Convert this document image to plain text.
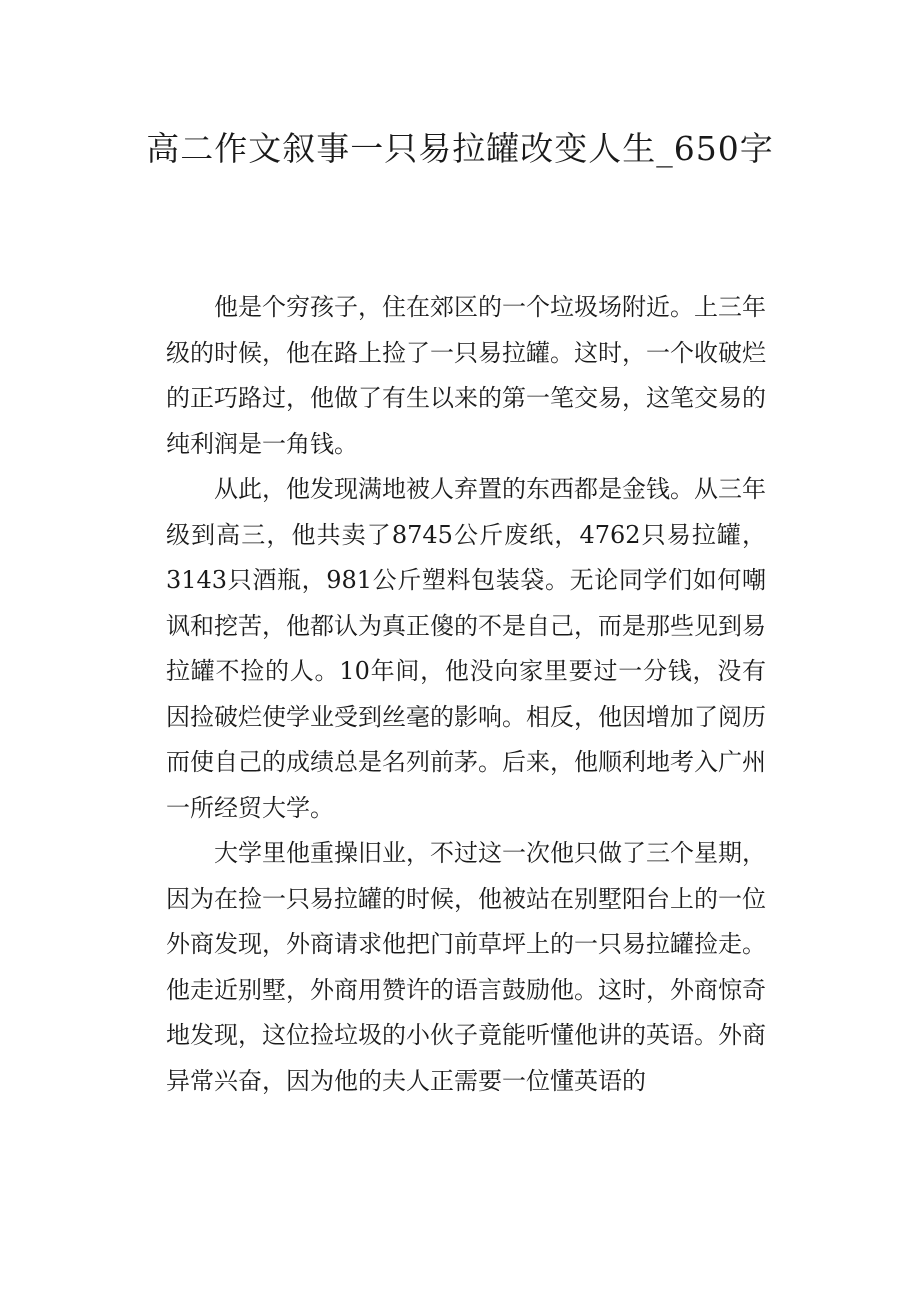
高二作文叙事一只易拉罐改变人生_650字

他是个穷孩子，住在郊区的一个垃圾场附近。上三年级的时候，他在路上捡了一只易拉罐。这时，一个收破烂的正巧路过，他做了有生以来的第一笔交易，这笔交易的纯利润是一角钱。

从此，他发现满地被人弃置的东西都是金钱。从三年级到高三，他共卖了8745公斤废纸，4762只易拉罐，3143只酒瓶，981公斤塑料包装袋。无论同学们如何嘲讽和挖苦，他都认为真正傻的不是自己，而是那些见到易拉罐不捡的人。10年间，他没向家里要过一分钱，没有因捡破烂使学业受到丝毫的影响。相反，他因增加了阅历而使自己的成绩总是名列前茅。后来，他顺利地考入广州一所经贸大学。

大学里他重操旧业，不过这一次他只做了三个星期，因为在捡一只易拉罐的时候，他被站在别墅阳台上的一位外商发现，外商请求他把门前草坪上的一只易拉罐捡走。他走近别墅，外商用赞许的语言鼓励他。这时，外商惊奇地发现，这位捡垃圾的小伙子竟能听懂他讲的英语。外商异常兴奋，因为他的夫人正需要一位懂英语的
